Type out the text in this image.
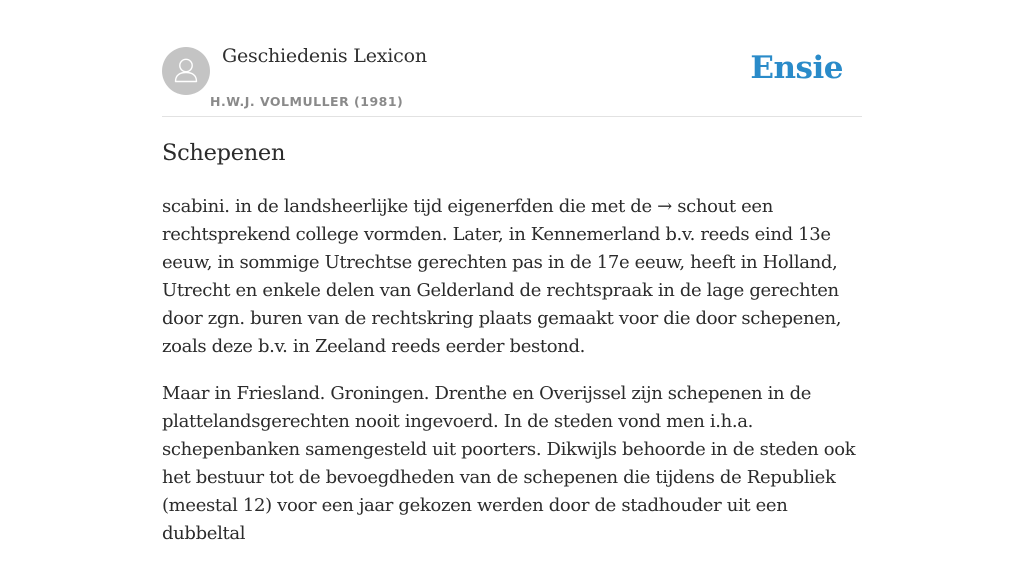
Geschiedenis Lexicon
H.W.J. VOLMULLER (1981)
Ensie
Schepenen

scabini. in de landsheerlijke tijd eigenerfden die met de → schout een rechtsprekend college vormden. Later, in Kennemerland b.v. reeds eind 13e eeuw, in sommige Utrechtse gerechten pas in de 17e eeuw, heeft in Holland, Utrecht en enkele delen van Gelderland de rechtspraak in de lage gerechten door zgn. buren van de rechtskring plaats gemaakt voor die door schepenen, zoals deze b.v. in Zeeland reeds eerder bestond.

Maar in Friesland. Groningen. Drenthe en Overijssel zijn schepenen in de plattelandsgerechten nooit ingevoerd. In de steden vond men i.h.a. schepenbanken samengesteld uit poorters. Dikwijls behoorde in de steden ook het bestuur tot de bevoegdheden van de schepenen die tijdens de Republiek (meestal 12) voor een jaar gekozen werden door de stadhouder uit een dubbeltal
